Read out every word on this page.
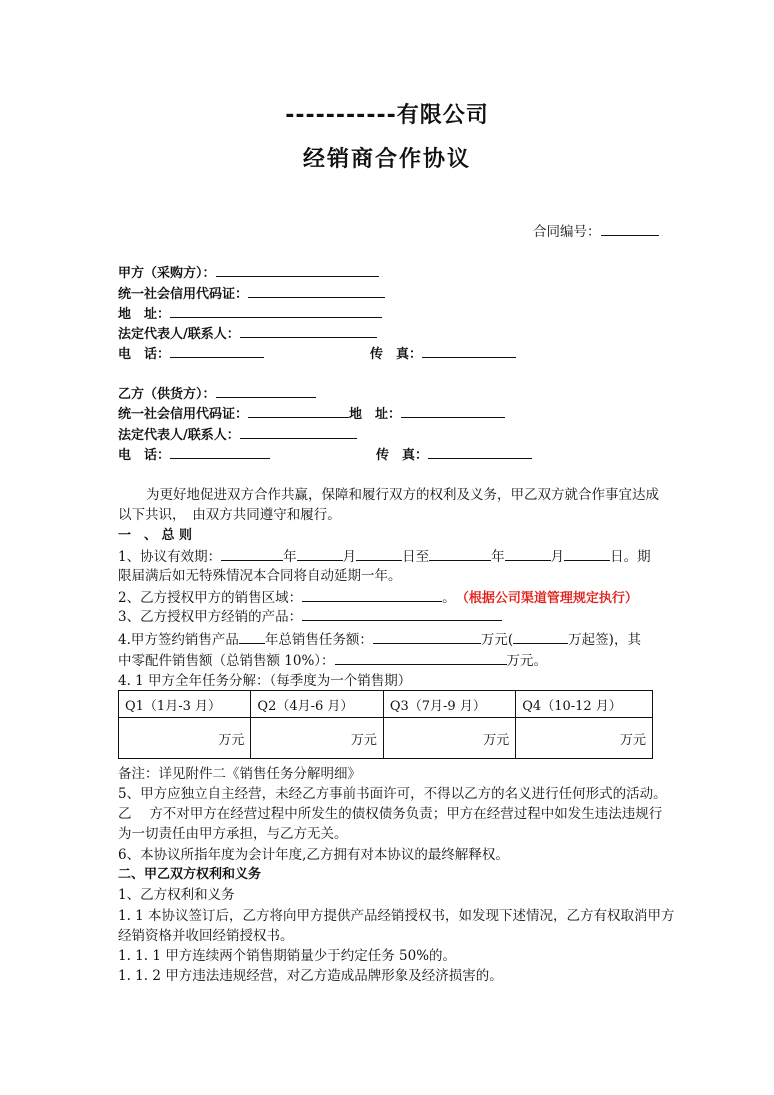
-----------有限公司
经销商合作协议
合同编号：
甲方（采购方）：
统一社会信用代码证：
地　址：
法定代表人/联系人：
电　话：	传　真：
乙方（供货方）：
统一社会信用代码证：	地　址：
法定代表人/联系人：
电　话：	传　真：
为更好地促进双方合作共赢，保障和履行双方的权利及义务，甲乙双方就合作事宜达成
以下共识，　由双方共同遵守和履行。
一　、 总 则
1、协议有效期：	年	月	日至	年	月	日。期
限届满后如无特殊情况本合同将自动延期一年。
2、乙方授权甲方的销售区域：	。　 （根据公司渠道管理规定执行）
3、乙方授权甲方经销的产品：
4.甲方签约销售产品 年总销售任务额：	万元(	万起签)，其
中零配件销售额（总销售额 10%）：	万元。
4. 1 甲方全年任务分解：（每季度为一个销售期）
Q1（1月-3 月）	Q2（4月-6 月）	Q3（7月-9 月）	Q4（10-12 月）
万元	万元	万元	万元
备注：详见附件二《销售任务分解明细》
5、甲方应独立自主经营，未经乙方事前书面许可，不得以乙方的名义进行任何形式的活动。
乙　 方不对甲方在经营过程中所发生的债权债务负责；甲方在经营过程中如发生违法违规行
为一切责任由甲方承担，与乙方无关。
6、本协议所指年度为会计年度,乙方拥有对本协议的最终解释权。
二、甲乙双方权利和义务
1、乙方权利和义务
1. 1 本协议签订后，乙方将向甲方提供产品经销授权书，如发现下述情况，乙方有权取消甲方
经销资格并收回经销授权书。
1. 1. 1 甲方连续两个销售期销量少于约定任务 50%的。
1. 1. 2 甲方违法违规经营，对乙方造成品牌形象及经济损害的。
